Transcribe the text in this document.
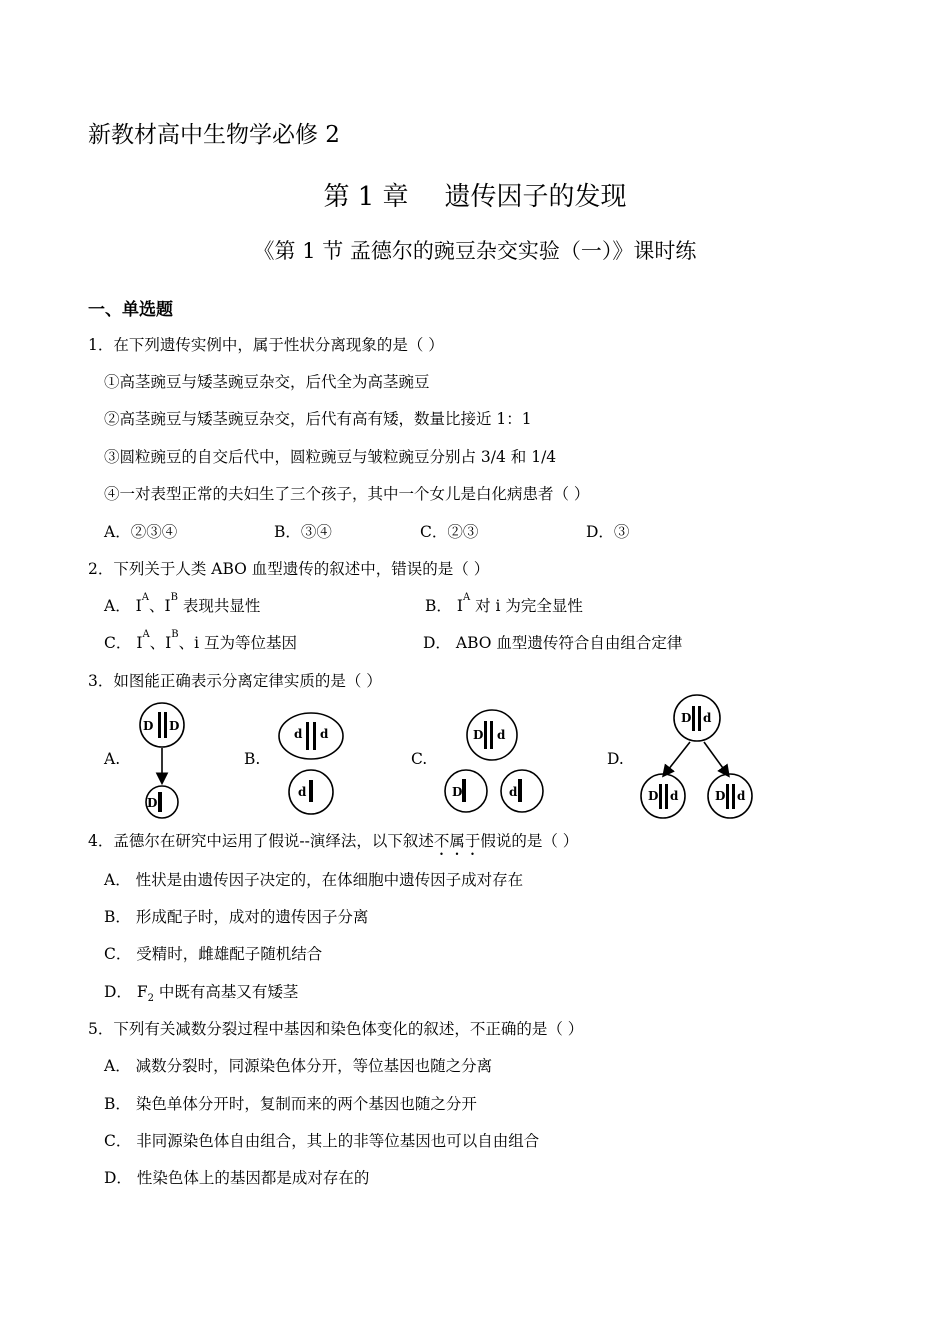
新教材高中生物学必修 2
第 1 章 遗传因子的发现
《第 1 节 孟德尔的豌豆杂交实验（一）》课时练
一、单选题
1．在下列遗传实例中，属于性状分离现象的是（ ）
①高茎豌豆与矮茎豌豆杂交，后代全为高茎豌豆
②高茎豌豆与矮茎豌豆杂交，后代有高有矮，数量比接近 1：1
③圆粒豌豆的自交后代中，圆粒豌豆与皱粒豌豆分别占 3/4 和 1/4
④一对表型正常的夫妇生了三个孩子，其中一个女儿是白化病患者（ ）
A．②③④	B．③④	C．②③	D．③
2．下列关于人类 ABO 血型遗传的叙述中，错误的是（ ）
A． $I^A$、$I^B$ 表现共显性	B． $I^A$ 对 i 为完全显性
C． $I^A$、$I^B$、i 互为等位基因	D． ABO 血型遗传符合自由组合定律
3．如图能正确表示分离定律实质的是（ ）
A.	B.	C.	D.
D D
D
d d
d
D d
D	d
D d
D d	D d
4．孟德尔在研究中运用了假说--演绎法，以下叙述不属于假说的是（ ）
A． 性状是由遗传因子决定的，在体细胞中遗传因子成对存在
B． 形成配子时，成对的遗传因子分离
C． 受精时，雌雄配子随机结合
D． $F_2$ 中既有高基又有矮茎
5．下列有关减数分裂过程中基因和染色体变化的叙述，不正确的是（ ）
A． 减数分裂时，同源染色体分开，等位基因也随之分离
B． 染色单体分开时，复制而来的两个基因也随之分开
C． 非同源染色体自由组合，其上的非等位基因也可以自由组合
D． 性染色体上的基因都是成对存在的
